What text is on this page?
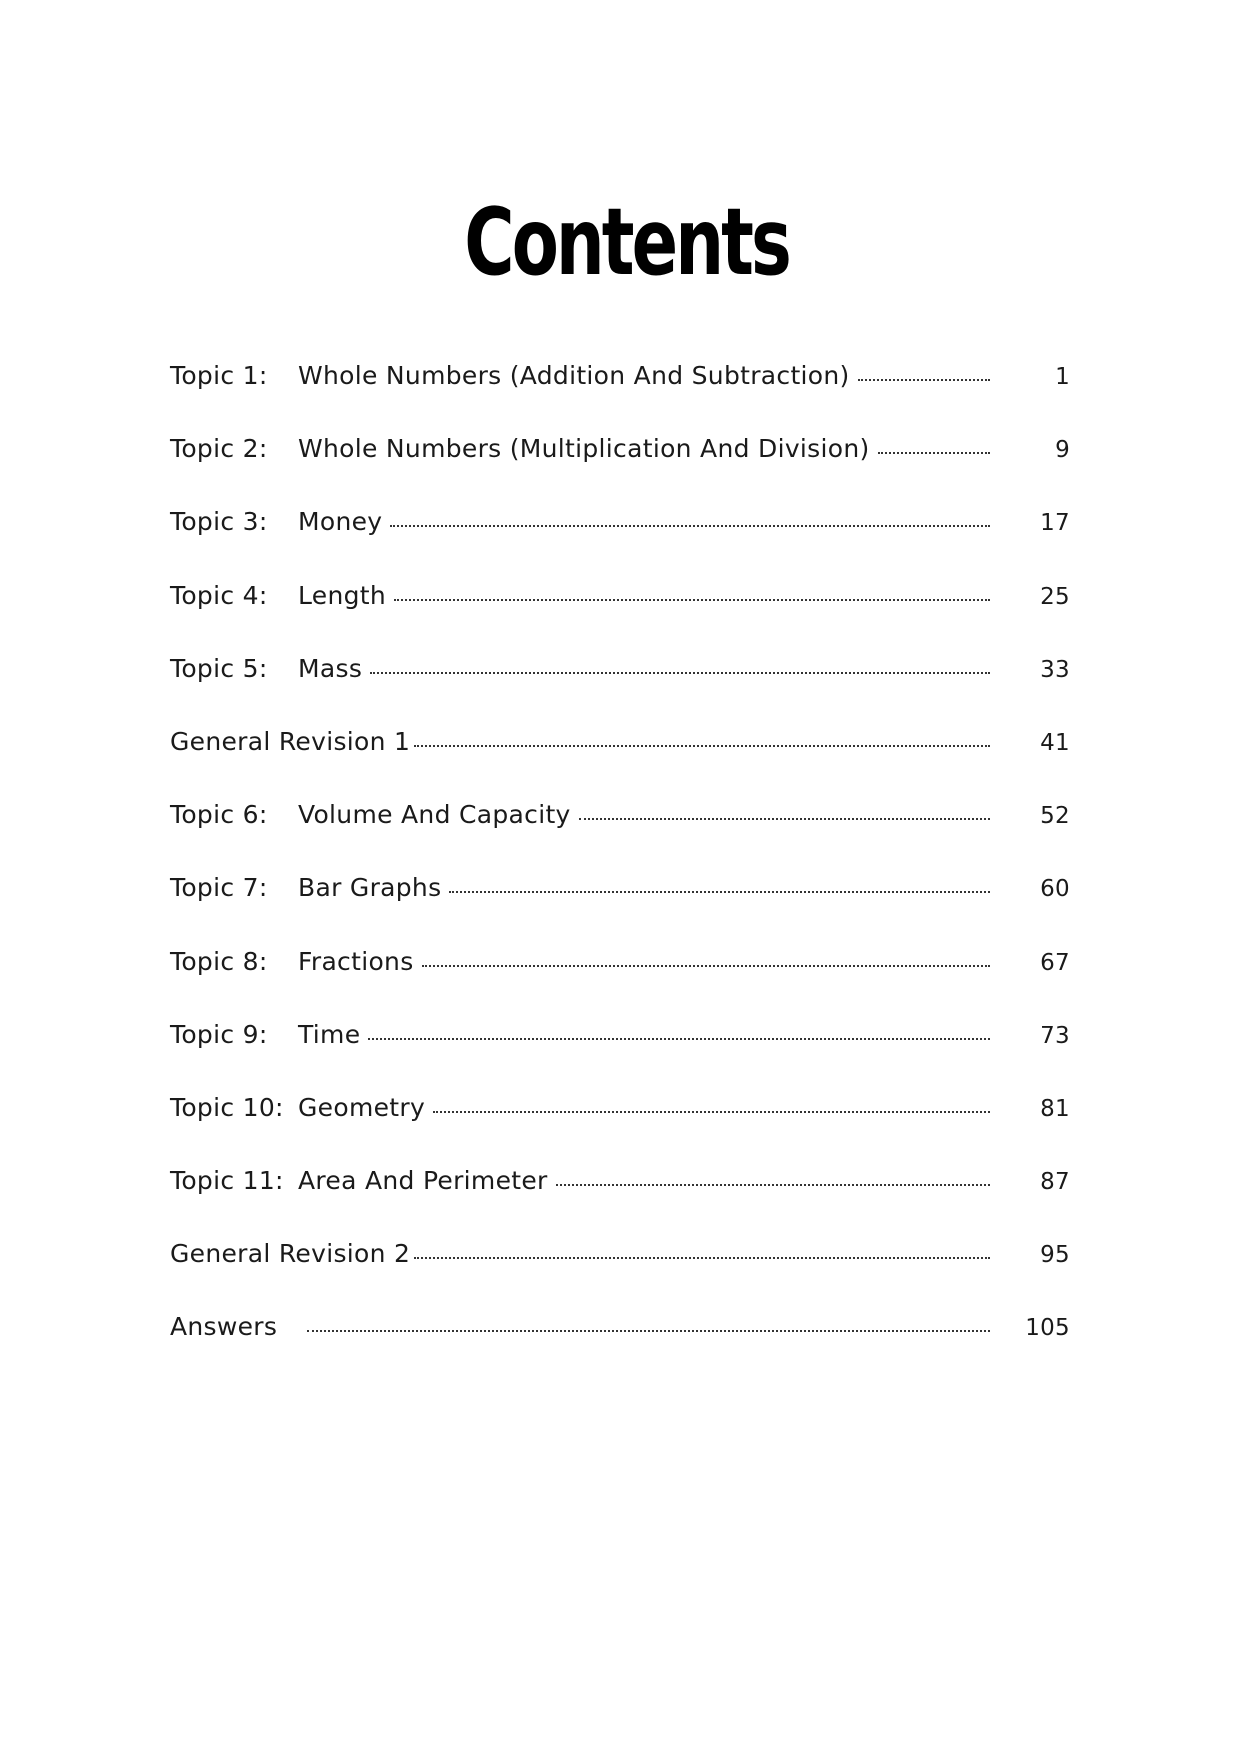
Contents
Topic 1:	Whole Numbers (Addition And Subtraction)	1
Topic 2:	Whole Numbers (Multiplication And Division)	9
Topic 3:	Money	17
Topic 4:	Length	25
Topic 5:	Mass	33
General Revision 1	41
Topic 6:	Volume And Capacity	52
Topic 7:	Bar Graphs	60
Topic 8:	Fractions	67
Topic 9:	Time	73
Topic 10: Geometry	81
Topic 11: Area And Perimeter	87
General Revision 2	95
Answers	105
